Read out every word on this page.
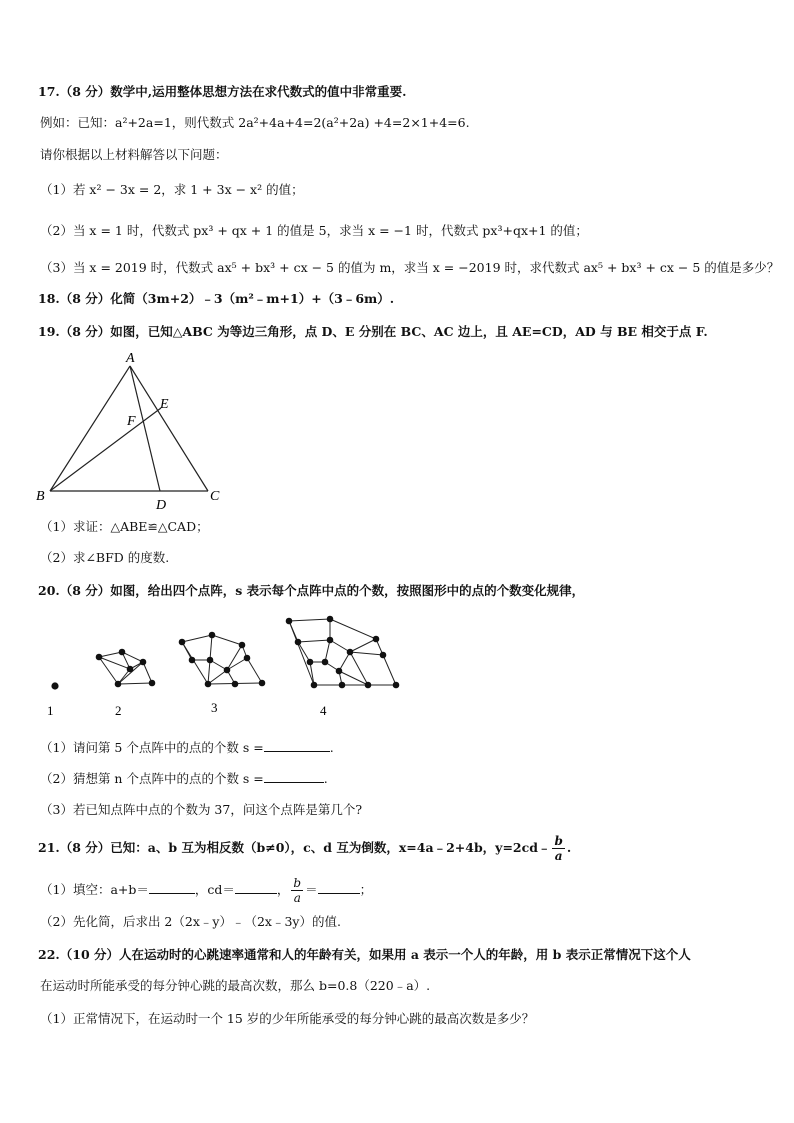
17.（8 分）数学中,运用整体思想方法在求代数式的值中非常重要.
例如：已知：a²+2a=1，则代数式 2a²+4a+4=2(a²+2a) +4=2×1+4=6.
请你根据以上材料解答以下问题：
（1）若 x² − 3x = 2，求 1 + 3x − x² 的值；
（2）当 x = 1 时，代数式 px³ + qx + 1 的值是 5，求当 x = −1 时，代数式 px³+qx+1 的值；
（3）当 x = 2019 时，代数式 ax⁵ + bx³ + cx − 5 的值为 m，求当 x = −2019 时，求代数式 ax⁵ + bx³ + cx − 5 的值是多少？
18.（8 分）化简（3m+2）﹣3（m²﹣m+1）+（3﹣6m）.
19.（8 分）如图，已知△ABC 为等边三角形，点 D、E 分别在 BC、AC 边上，且 AE=CD，AD 与 BE 相交于点 F.
A
B	C
D
E
F
（1）求证：△ABE≌△CAD；
（2）求∠BFD 的度数.
20.（8 分）如图，给出四个点阵，s 表示每个点阵中点的个数，按照图形中的点的个数变化规律，
1	2	3	4
（1）请问第 5 个点阵中的点的个数 s =	.
（2）猜想第 n 个点阵中的点的个数 s =	.
（3）若已知点阵中点的个数为 37，问这个点阵是第几个?
21.（8 分）已知：a、b 互为相反数（b≠0），c、d 互为倒数，x=4a﹣2+4b，y=2cd﹣ $\frac{b}{a}$ .
（1）填空：a+b＝	，cd＝	， $\frac{b}{a}$ ＝	；
（2）先化简，后求出 2（2x﹣y）﹣（2x﹣3y）的值.
22.（10 分）人在运动时的心跳速率通常和人的年龄有关，如果用 a 表示一个人的年龄，用 b 表示正常情况下这个人
在运动时所能承受的每分钟心跳的最高次数，那么 b=0.8（220﹣a）.
（1）正常情况下，在运动时一个 15 岁的少年所能承受的每分钟心跳的最高次数是多少？
